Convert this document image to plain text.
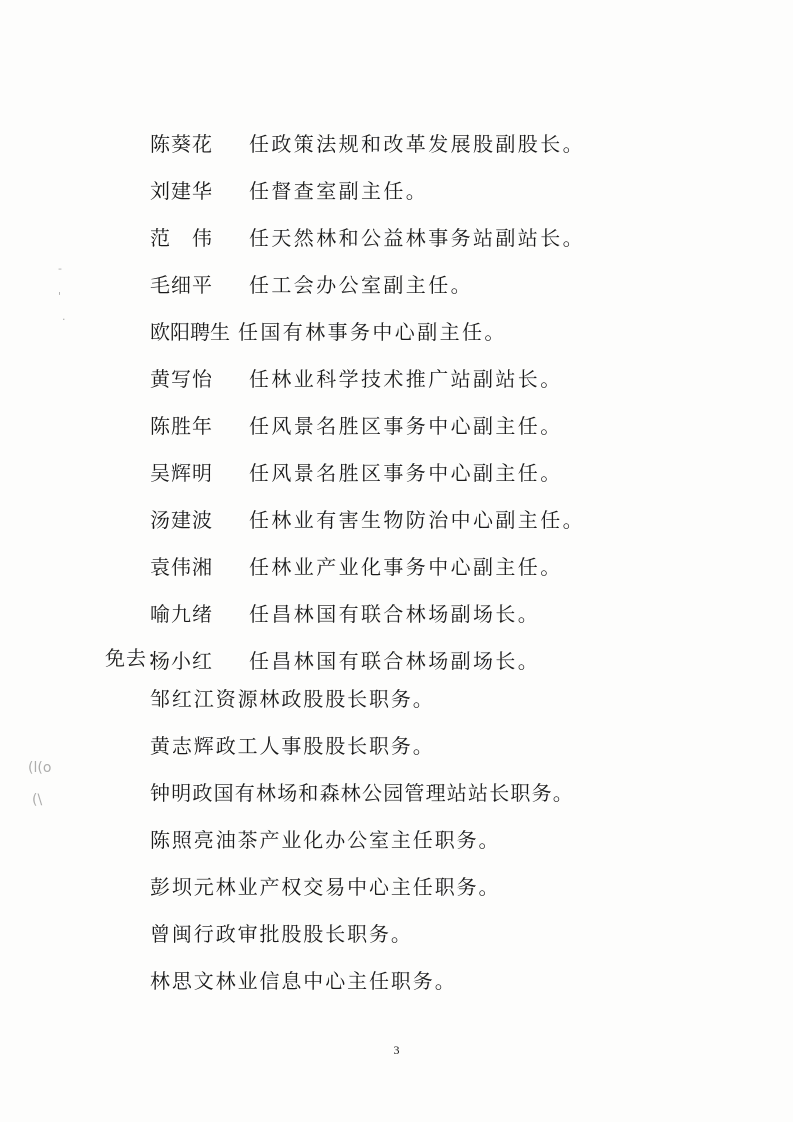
-
'
.
(l(o
(\
陈葵花 任政策法规和改革发展股副股长。
刘建华 任督查室副主任。
范　伟 任天然林和公益林事务站副站长。
毛细平 任工会办公室副主任。
欧阳聘生 任国有林事务中心副主任。
黄写怡 任林业科学技术推广站副站长。
陈胜年 任风景名胜区事务中心副主任。
吴辉明 任风景名胜区事务中心副主任。
汤建波 任林业有害生物防治中心副主任。
袁伟湘 任林业产业化事务中心副主任。
喻九绪 任昌林国有联合林场副场长。
杨小红 任昌林国有联合林场副场长。
免去：
邹红江资源林政股股长职务。
黄志辉政工人事股股长职务。
钟明政国有林场和森林公园管理站站长职务。
陈照亮油茶产业化办公室主任职务。
彭坝元林业产权交易中心主任职务。
曾闽行政审批股股长职务。
林思文林业信息中心主任职务。
3
